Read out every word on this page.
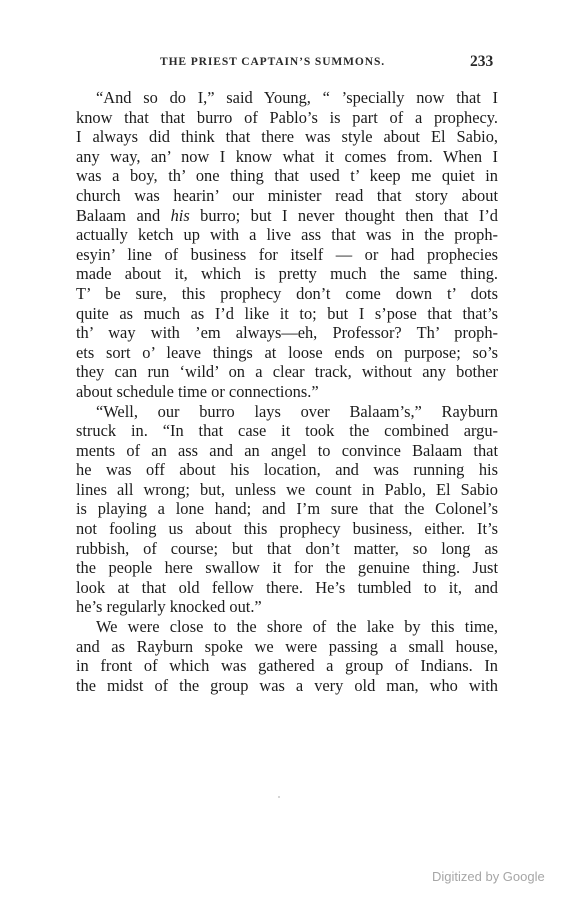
THE PRIEST CAPTAIN’S SUMMONS.	233
“And so do I,” said Young, “ ’specially now that I
know that that burro of Pablo’s is part of a prophecy.
I always did think that there was style about El Sabio,
any way, an’ now I know what it comes from. When I
was a boy, th’ one thing that used t’ keep me quiet in
church was hearin’ our minister read that story about
Balaam and his burro; but I never thought then that I’d
actually ketch up with a live ass that was in the proph-
esyin’ line of business for itself — or had prophecies
made about it, which is pretty much the same thing.
T’ be sure, this prophecy don’t come down t’ dots
quite as much as I’d like it to; but I s’pose that that’s
th’ way with ’em always—eh, Professor? Th’ proph-
ets sort o’ leave things at loose ends on purpose; so’s
they can run ‘wild’ on a clear track, without any bother
about schedule time or connections.”
“Well, our burro lays over Balaam’s,” Rayburn
struck in. “In that case it took the combined argu-
ments of an ass and an angel to convince Balaam that
he was off about his location, and was running his
lines all wrong; but, unless we count in Pablo, El Sabio
is playing a lone hand; and I’m sure that the Colonel’s
not fooling us about this prophecy business, either. It’s
rubbish, of course; but that don’t matter, so long as
the people here swallow it for the genuine thing. Just
look at that old fellow there. He’s tumbled to it, and
he’s regularly knocked out.”
We were close to the shore of the lake by this time,
and as Rayburn spoke we were passing a small house,
in front of which was gathered a group of Indians. In
the midst of the group was a very old man, who with
Digitized by Google
